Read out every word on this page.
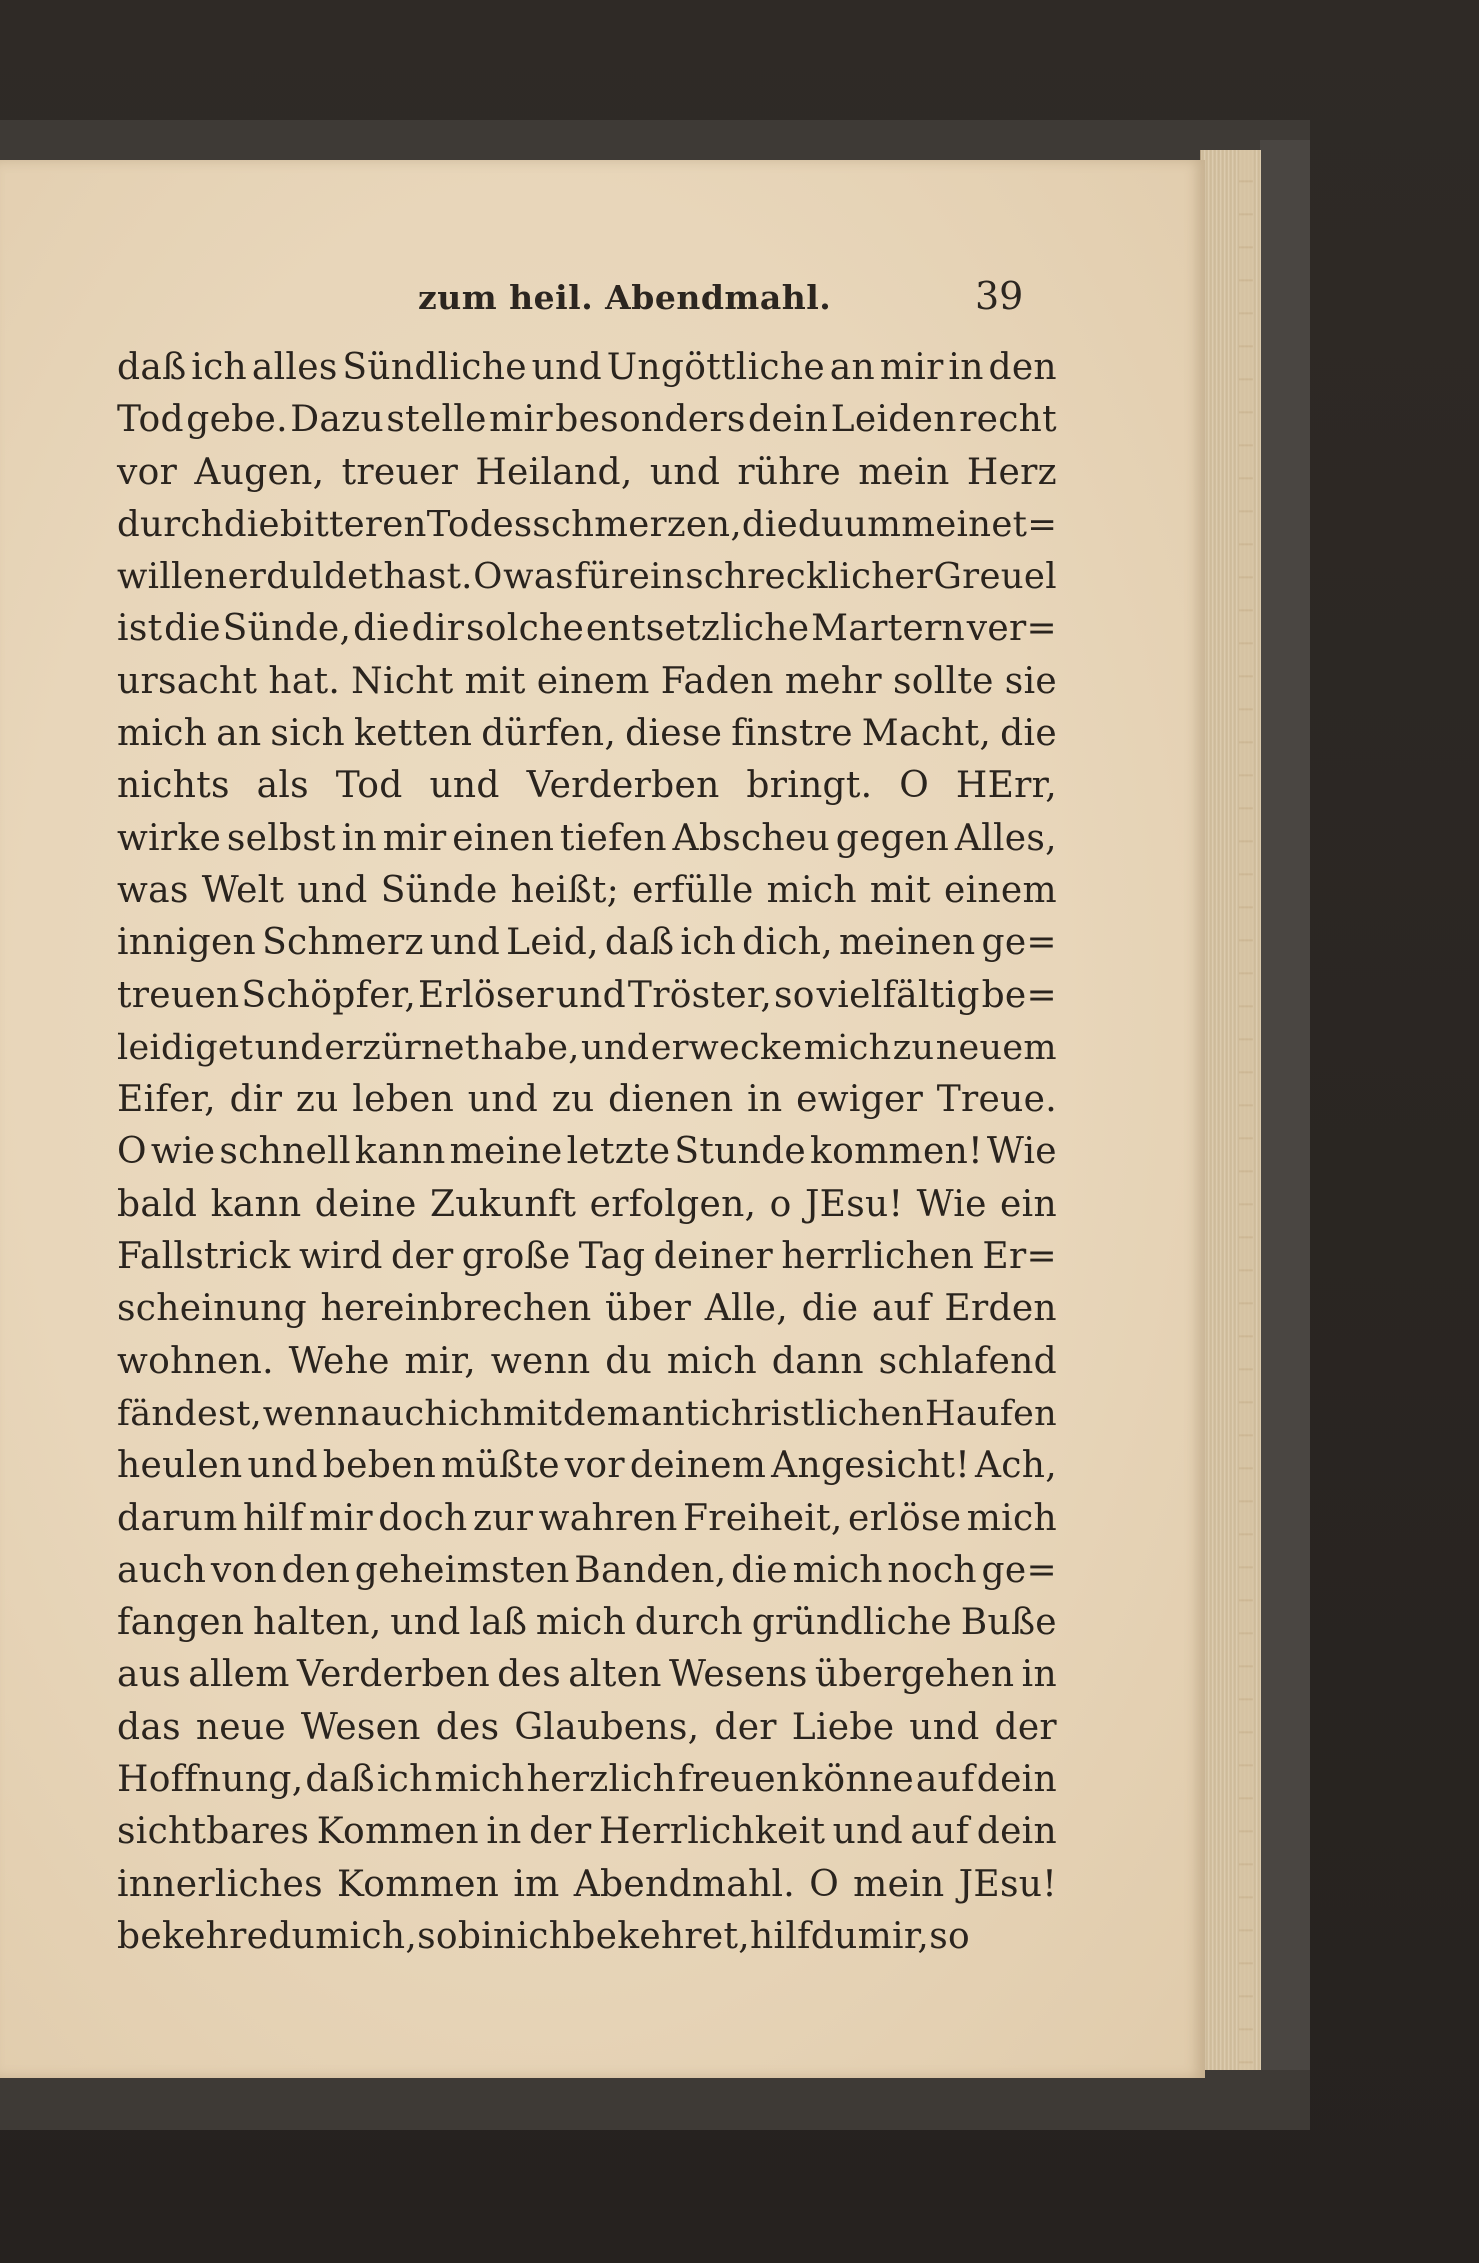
zum heil. Abendmahl.	39
daß ich alles Sündliche und Ungöttliche an mir in den
Tod gebe. Dazu stelle mir besonders dein Leiden recht
vor Augen, treuer Heiland, und rühre mein Herz
durch die bitteren Todesschmerzen, die du um meinet=
willen erduldet hast. O was für ein schrecklicher Greuel
ist die Sünde, die dir solche entsetzliche Martern ver=
ursacht hat. Nicht mit einem Faden mehr sollte sie
mich an sich ketten dürfen, diese finstre Macht, die
nichts als Tod und Verderben bringt. O HErr,
wirke selbst in mir einen tiefen Abscheu gegen Alles,
was Welt und Sünde heißt; erfülle mich mit einem
innigen Schmerz und Leid, daß ich dich, meinen ge=
treuen Schöpfer, Erlöser und Tröster, so vielfältig be=
leidiget und erzürnet habe, und erwecke mich zu neuem
Eifer, dir zu leben und zu dienen in ewiger Treue.
O wie schnell kann meine letzte Stunde kommen! Wie
bald kann deine Zukunft erfolgen, o JEsu! Wie ein
Fallstrick wird der große Tag deiner herrlichen Er=
scheinung hereinbrechen über Alle, die auf Erden
wohnen. Wehe mir, wenn du mich dann schlafend
fändest, wenn auch ich mit dem antichristlichen Haufen
heulen und beben müßte vor deinem Angesicht! Ach,
darum hilf mir doch zur wahren Freiheit, erlöse mich
auch von den geheimsten Banden, die mich noch ge=
fangen halten, und laß mich durch gründliche Buße
aus allem Verderben des alten Wesens übergehen in
das neue Wesen des Glaubens, der Liebe und der
Hoffnung, daß ich mich herzlich freuen könne auf dein
sichtbares Kommen in der Herrlichkeit und auf dein
innerliches Kommen im Abendmahl. O mein JEsu!
bekehre du mich, so bin ich bekehret, hilf du mir, so
